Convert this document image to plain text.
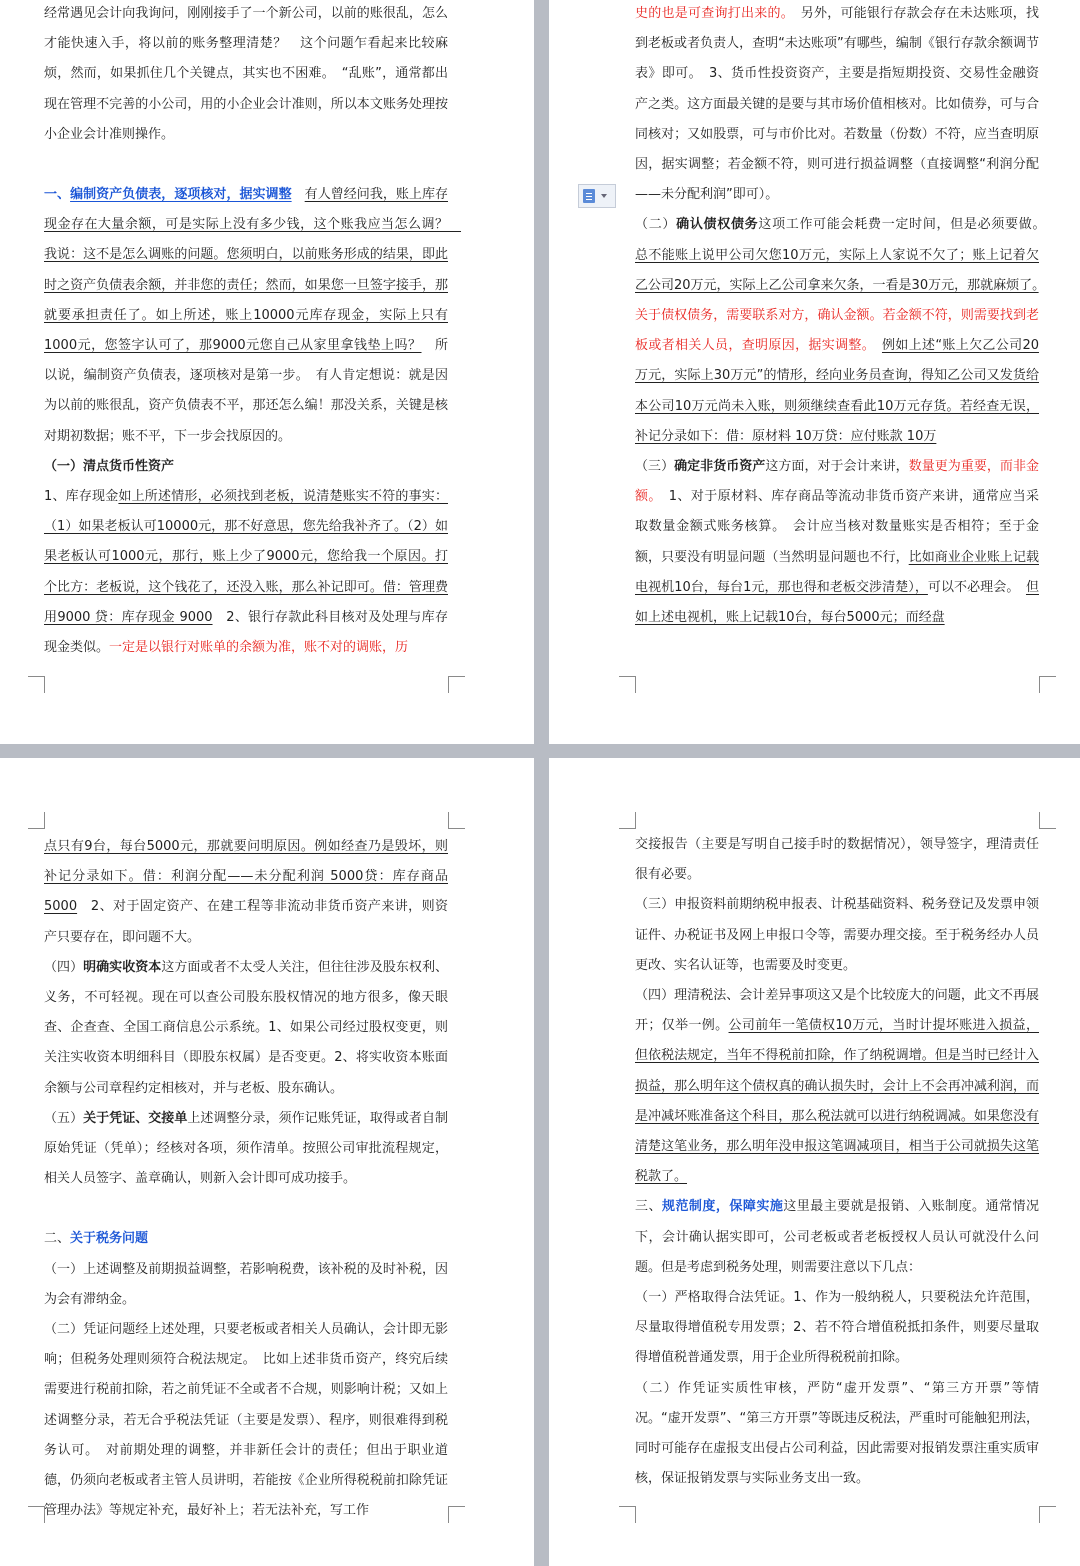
经常遇见会计向我询问，刚刚接手了一个新公司，以前的账很乱，怎么才能快速入手，将以前的账务整理清楚？　这个问题乍看起来比较麻烦，然而，如果抓住几个关键点，其实也不困难。　“乱账”，通常都出现在管理不完善的小公司，用的小企业会计准则，所以本文账务处理按小企业会计准则操作。

一、编制资产负债表，逐项核对，据实调整　 有人曾经问我，账上库存现金存在大量余额，可是实际上没有多少钱，这个账我应当怎么调？　我说：这不是怎么调账的问题。您须明白，以前账务形成的结果，即此时之资产负债表余额，并非您的责任；然而，如果您一旦签字接手，那就要承担责任了。如上所述，账上10000元库存现金，实际上只有1000元，您签字认可了，那9000元您自己从家里拿钱垫上吗？　所以说，编制资产负债表，逐项核对是第一步。　有人肯定想说：就是因为以前的账很乱，资产负债表不平，那还怎么编！那没关系，关键是核对期初数据；账不平，下一步会找原因的。

（一）清点货币性资产

1、库存现金如上所述情形，必须找到老板，说清楚账实不符的事实：（1）如果老板认可10000元，那不好意思，您先给我补齐了。（2）如果老板认可1000元，那行，账上少了9000元，您给我一个原因。打个比方：老板说，这个钱花了，还没入账，那么补记即可。借：管理费用9000 贷：库存现金 9000　2、银行存款此科目核对及处理与库存现金类似。一定是以银行对账单的余额为准，账不对的调账，历

史的也是可查询打出来的。　另外，可能银行存款会存在未达账项，找到老板或者负责人，查明“未达账项”有哪些，编制《银行存款余额调节表》即可。　3、货币性投资资产，主要是指短期投资、交易性金融资产之类。这方面最关键的是要与其市场价值相核对。比如债券，可与合同核对；又如股票，可与市价比对。若数量（份数）不符，应当查明原因，据实调整；若金额不符，则可进行损益调整（直接调整“利润分配——未分配利润”即可）。

（二）确认债权债务这项工作可能会耗费一定时间，但是必须要做。　总不能账上说甲公司欠您10万元，实际上人家说不欠了；账上记着欠乙公司20万元，实际上乙公司拿来欠条，一看是30万元，那就麻烦了。　关于债权债务，需要联系对方，确认金额。若金额不符，则需要找到老板或者相关人员，查明原因，据实调整。　 例如上述“账上欠乙公司20万元，实际上30万元”的情形，经向业务员查询，得知乙公司又发货给本公司10万元尚未入账，则须继续查看此10万元存货。若经查无误，补记分录如下：借：原材料 10万贷：应付账款 10万

（三）确定非货币资产这方面，对于会计来讲，数量更为重要，而非金额。　1、对于原材料、库存商品等流动非货币资产来讲，通常应当采取数量金额式账务核算。　会计应当核对数量账实是否相符；至于金额，只要没有明显问题（当然明显问题也不行，比如商业企业账上记载电视机10台，每台1元，那也得和老板交涉清楚），可以不必理会。　但如上述电视机，账上记载10台，每台5000元；而经盘

点只有9台，每台5000元，那就要问明原因。例如经查乃是毁坏，则补记分录如下。借：利润分配——未分配利润 5000贷：库存商品5000　2、对于固定资产、在建工程等非流动非货币资产来讲，则资产只要存在，即问题不大。

（四）明确实收资本这方面或者不太受人关注，但往往涉及股东权利、义务，不可轻视。现在可以查公司股东股权情况的地方很多，像天眼查、企查查、全国工商信息公示系统。1、如果公司经过股权变更，则关注实收资本明细科目（即股东权属）是否变更。2、将实收资本账面余额与公司章程约定相核对，并与老板、股东确认。

（五）关于凭证、交接单上述调整分录，须作记账凭证，取得或者自制原始凭证（凭单）；经核对各项，须作清单。按照公司审批流程规定，相关人员签字、盖章确认，则新入会计即可成功接手。

二、关于税务问题

（一）上述调整及前期损益调整，若影响税费，该补税的及时补税，因为会有滞纳金。

（二）凭证问题经上述处理，只要老板或者相关人员确认，会计即无影响；但税务处理则须符合税法规定。　比如上述非货币资产，终究后续需要进行税前扣除，若之前凭证不全或者不合规，则影响计税；又如上述调整分录，若无合乎税法凭证（主要是发票）、程序，则很难得到税务认可。　对前期处理的调整，并非新任会计的责任；但出于职业道德，仍须向老板或者主管人员讲明，若能按《企业所得税税前扣除凭证管理办法》等规定补充，最好补上；若无法补充，写工作

交接报告（主要是写明自己接手时的数据情况），领导签字，理清责任很有必要。

（三）申报资料前期纳税申报表、计税基础资料、税务登记及发票申领证件、办税证书及网上申报口令等，需要办理交接。至于税务经办人员更改、实名认证等，也需要及时变更。

（四）理清税法、会计差异事项这又是个比较庞大的问题，此文不再展开；仅举一例。公司前年一笔债权10万元，当时计提坏账进入损益，但依税法规定，当年不得税前扣除，作了纳税调增。但是当时已经计入损益，那么明年这个债权真的确认损失时，会计上不会再冲减利润，而是冲减坏账准备这个科目，那么税法就可以进行纳税调减。如果您没有清楚这笔业务，那么明年没申报这笔调减项目，相当于公司就损失这笔税款了。

三、规范制度，保障实施这里最主要就是报销、入账制度。通常情况下，会计确认据实即可，公司老板或者老板授权人员认可就没什么问题。但是考虑到税务处理，则需要注意以下几点：

（一）严格取得合法凭证。1、作为一般纳税人，只要税法允许范围，尽量取得增值税专用发票；2、若不符合增值税抵扣条件，则要尽量取得增值税普通发票，用于企业所得税税前扣除。

（二）作凭证实质性审核，严防“虚开发票”、“第三方开票”等情况。“虚开发票”、“第三方开票”等既违反税法，严重时可能触犯刑法，同时可能存在虚报支出侵占公司利益，因此需要对报销发票注重实质审核，保证报销发票与实际业务支出一致。
